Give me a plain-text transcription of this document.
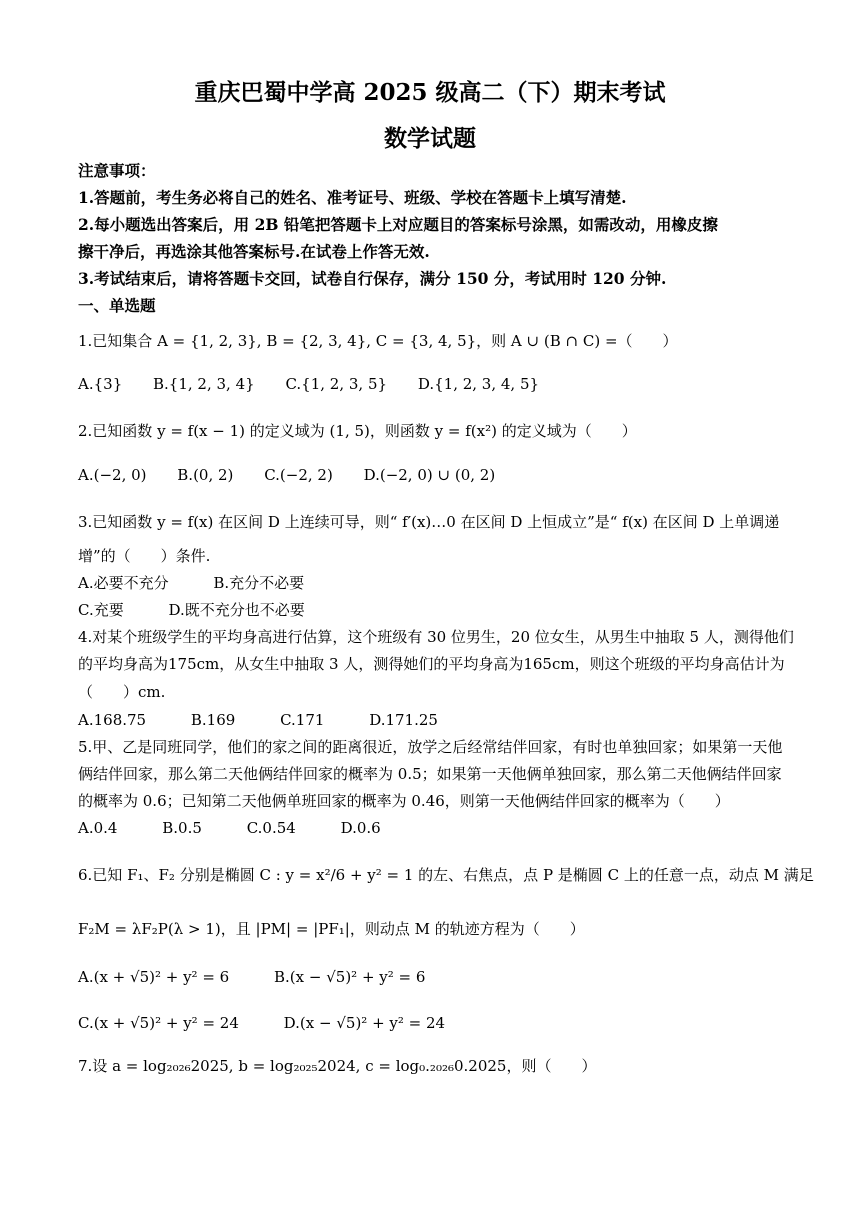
重庆巴蜀中学高 2025 级高二（下）期末考试
数学试题
注意事项：
1.答题前，考生务必将自己的姓名、准考证号、班级、学校在答题卡上填写清楚.
2.每小题选出答案后，用 2B 铅笔把答题卡上对应题目的答案标号涂黑，如需改动，用橡皮擦
擦干净后，再选涂其他答案标号.在试卷上作答无效.
3.考试结束后，请将答题卡交回，试卷自行保存，满分 150 分，考试用时 120 分钟.
一、单选题
1.已知集合 A = {1, 2, 3}, B = {2, 3, 4}, C = {3, 4, 5}，则 A ∪ (B ∩ C) =（　　）
A.{3} B.{1, 2, 3, 4} C.{1, 2, 3, 5} D.{1, 2, 3, 4, 5}
2.已知函数 y = f(x − 1) 的定义域为 (1, 5)，则函数 y = f(x²) 的定义域为（　　）
A.(−2, 0) B.(0, 2) C.(−2, 2) D.(−2, 0) ∪ (0, 2)
3.已知函数 y = f(x) 在区间 D 上连续可导，则“ f′(x)…0 在区间 D 上恒成立”是“ f(x) 在区间 D 上单调递
增”的（　　）条件.
A.必要不充分	B.充分不必要
C.充要	D.既不充分也不必要
4.对某个班级学生的平均身高进行估算，这个班级有 30 位男生，20 位女生，从男生中抽取 5 人，测得他们
的平均身高为175cm，从女生中抽取 3 人，测得她们的平均身高为165cm，则这个班级的平均身高估计为
（　　）cm.
A.168.75	B.169	C.171	D.171.25
5.甲、乙是同班同学，他们的家之间的距离很近，放学之后经常结伴回家，有时也单独回家；如果第一天他
俩结伴回家，那么第二天他俩结伴回家的概率为 0.5；如果第一天他俩单独回家，那么第二天他俩结伴回家
的概率为 0.6；已知第二天他俩单班回家的概率为 0.46，则第一天他俩结伴回家的概率为（　　）
A.0.4	B.0.5	C.0.54	D.0.6
6.已知 F₁、F₂ 分别是椭圆 C : y = x²/6 + y² = 1 的左、右焦点，点 P 是椭圆 C 上的任意一点，动点 M 满足
F₂M = λF₂P(λ > 1)，且 |PM| = |PF₁|，则动点 M 的轨迹方程为（　　）
A.(x + √5)² + y² = 6	B.(x − √5)² + y² = 6
C.(x + √5)² + y² = 24	D.(x − √5)² + y² = 24
7.设 a = log₂₀₂₆2025, b = log₂₀₂₅2024, c = log₀.₂₀₂₆0.2025，则（　　）
